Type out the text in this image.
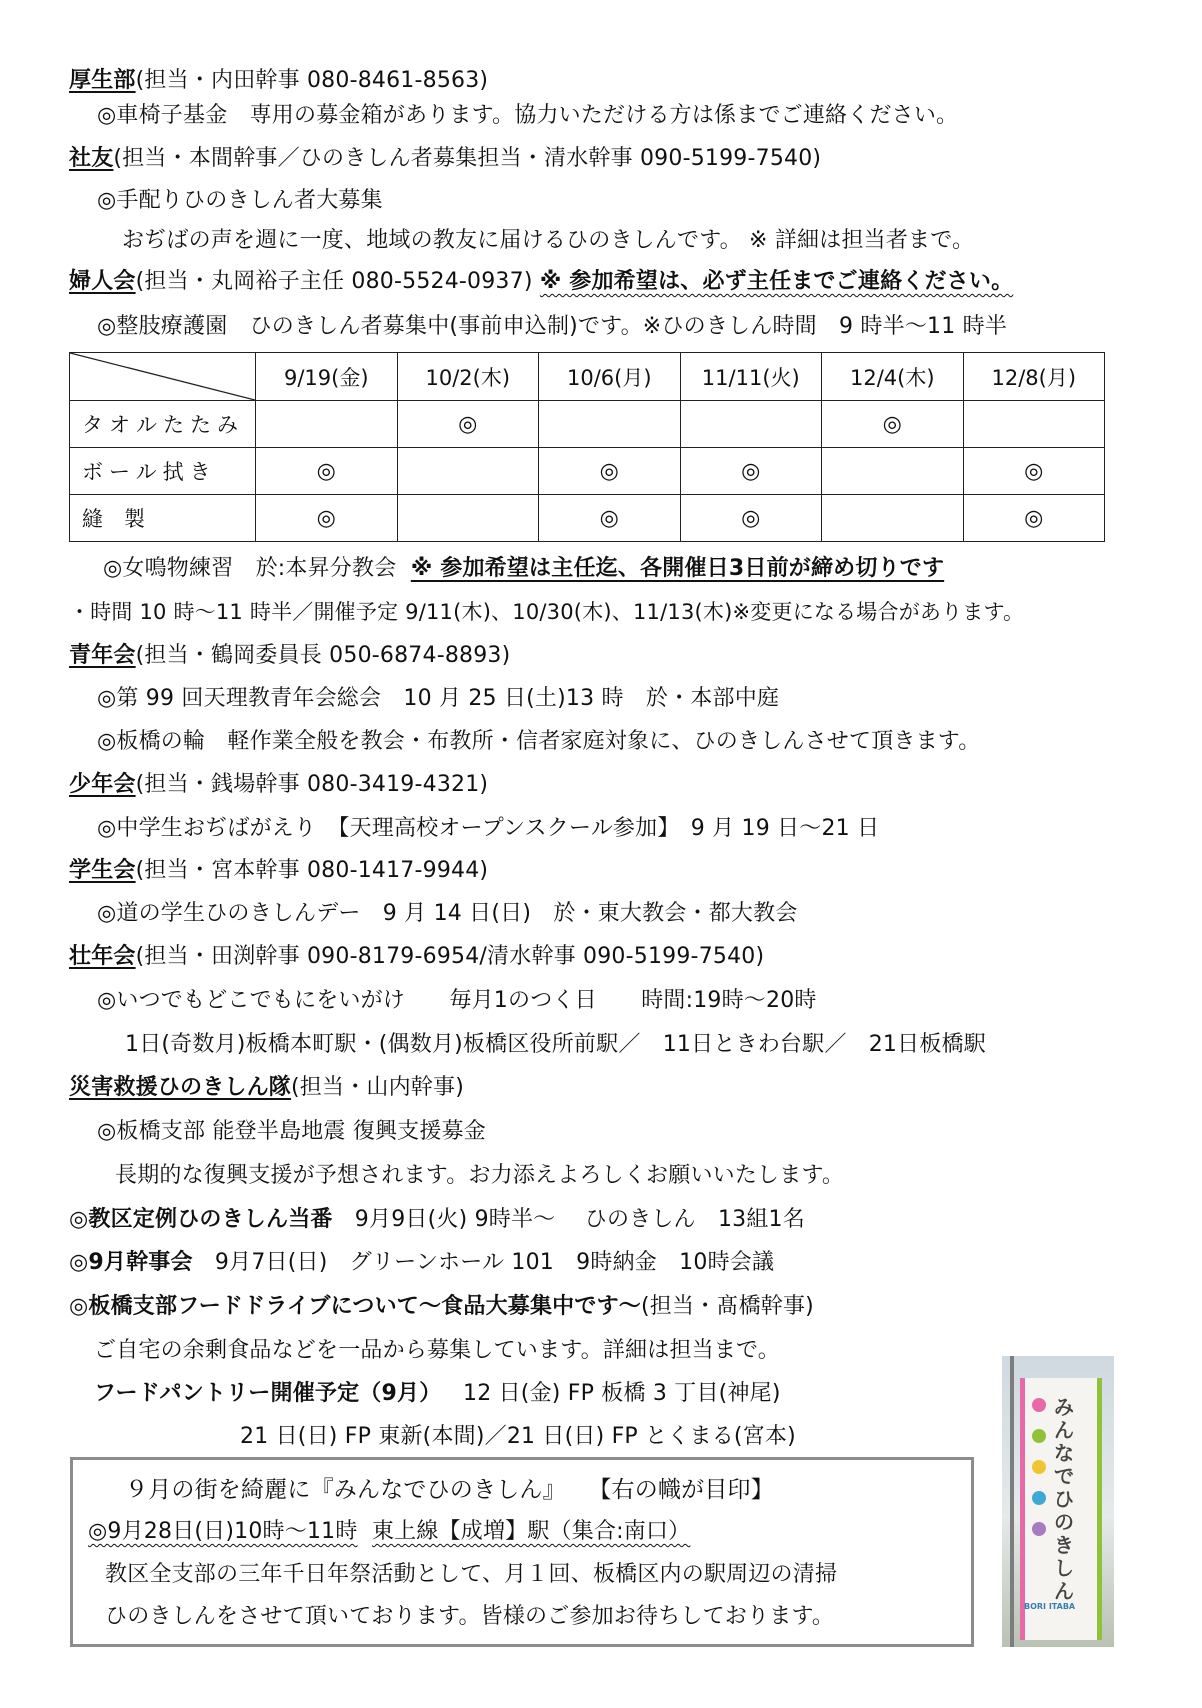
厚生部(担当・内田幹事 080-8461-8563)
◎車椅子基金　専用の募金箱があります。協力いただける方は係までご連絡ください。
社友(担当・本間幹事／ひのきしん者募集担当・清水幹事 090-5199-7540)
◎手配りひのきしん者大募集
おぢばの声を週に一度、地域の教友に届けるひのきしんです。 ※ 詳細は担当者まで。
婦人会(担当・丸岡裕子主任 080-5524-0937) ※ 参加希望は、必ず主任までご連絡ください。
◎整肢療護園　ひのきしん者募集中(事前申込制)です。※ひのきしん時間　9 時半〜11 時半
	9/19(金)	10/2(木)	10/6(月)	11/11(火)	12/4(木)	12/8(月)
タオルたたみ		◎			◎	
ボール拭き	◎		◎	◎		◎
縫　製	◎		◎	◎		◎
◎女鳴物練習　於:本昇分教会 ※ 参加希望は主任迄、各開催日3日前が締め切りです
・時間 10 時〜11 時半／開催予定 9/11(木)、10/30(木)、11/13(木)※変更になる場合があります。
青年会(担当・鶴岡委員長 050-6874-8893)
◎第 99 回天理教青年会総会　10 月 25 日(土)13 時　於・本部中庭
◎板橋の輪　軽作業全般を教会・布教所・信者家庭対象に、ひのきしんさせて頂きます。
少年会(担当・銭場幹事 080-3419-4321)
◎中学生おぢばがえり　【天理高校オープンスクール参加】　9 月 19 日〜21 日
学生会(担当・宮本幹事 080-1417-9944)
◎道の学生ひのきしんデー　9 月 14 日(日)　於・東大教会・都大教会
壮年会(担当・田渕幹事 090-8179-6954/清水幹事 090-5199-7540)
◎いつでもどこでもにをいがけ　　毎月1のつく日　　時間:19時〜20時
1日(奇数月)板橋本町駅・(偶数月)板橋区役所前駅／　11日ときわ台駅／　21日板橋駅
災害救援ひのきしん隊(担当・山内幹事)
◎板橋支部 能登半島地震 復興支援募金
長期的な復興支援が予想されます。お力添えよろしくお願いいたします。
◎教区定例ひのきしん当番　9月9日(火) 9時半〜　 ひのきしん　13組1名
◎9月幹事会　9月7日(日)　グリーンホール 101　9時納金　10時会議
◎板橋支部フードドライブについて〜食品大募集中です〜(担当・髙橋幹事)
ご自宅の余剰食品などを一品から募集しています。詳細は担当まで。
フードパントリー開催予定（9月） 12 日(金) FP 板橋 3 丁目(神尾)
21 日(日) FP 東新(本間)／21 日(日) FP とくまる(宮本)
９月の街を綺麗に『みんなでひのきしん』 【右の幟が目印】
◎9月28日(日)10時〜11時 東上線【成増】駅（集合:南口）
教区全支部の三年千日年祭活動として、月１回、板橋区内の駅周辺の清掃
ひのきしんをさせて頂いております。皆様のご参加お待ちしております。
みんなでひのきしん
BORI ITABA
